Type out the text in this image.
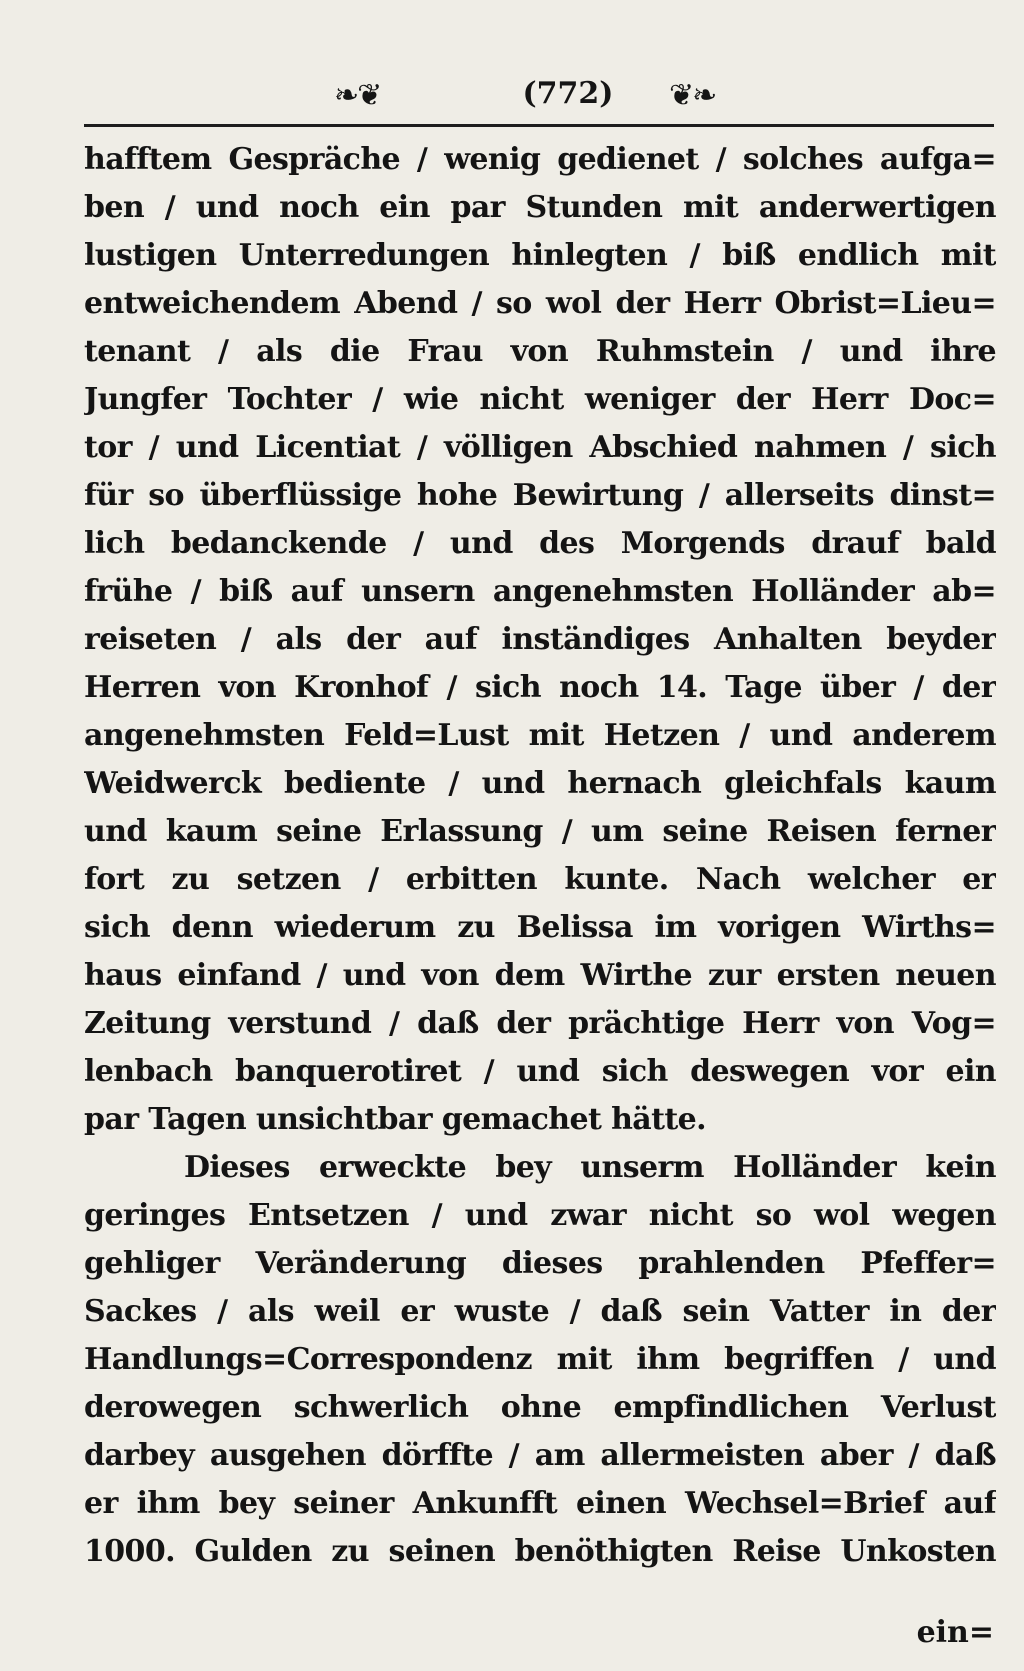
❧❦	(772)	❦❧
hafftem Gespräche / wenig gedienet / solches aufga=
ben / und noch ein par Stunden mit anderwertigen
lustigen Unterredungen hinlegten / biß endlich mit
entweichendem Abend / so wol der Herr Obrist=Lieu=
tenant / als die Frau von Ruhmstein / und ihre
Jungfer Tochter / wie nicht weniger der Herr Doc=
tor / und Licentiat / völligen Abschied nahmen / sich
für so überflüssige hohe Bewirtung / allerseits dinst=
lich bedanckende / und des Morgends drauf bald
frühe / biß auf unsern angenehmsten Holländer ab=
reiseten / als der auf inständiges Anhalten beyder
Herren von Kronhof / sich noch 14. Tage über / der
angenehmsten Feld=Lust mit Hetzen / und anderem
Weidwerck bediente / und hernach gleichfals kaum
und kaum seine Erlassung / um seine Reisen ferner
fort zu setzen / erbitten kunte. Nach welcher er
sich denn wiederum zu Belissa im vorigen Wirths=
haus einfand / und von dem Wirthe zur ersten neuen
Zeitung verstund / daß der prächtige Herr von Vog=
lenbach banquerotiret / und sich deswegen vor ein
par Tagen unsichtbar gemachet hätte.
Dieses erweckte bey unserm Holländer kein
geringes Entsetzen / und zwar nicht so wol wegen
gehliger Veränderung dieses prahlenden Pfeffer=
Sackes / als weil er wuste / daß sein Vatter in der
Handlungs=Correspondenz mit ihm begriffen / und
derowegen schwerlich ohne empfindlichen Verlust
darbey ausgehen dörffte / am allermeisten aber / daß
er ihm bey seiner Ankunfft einen Wechsel=Brief auf
1000. Gulden zu seinen benöthigten Reise Unkosten
ein=
